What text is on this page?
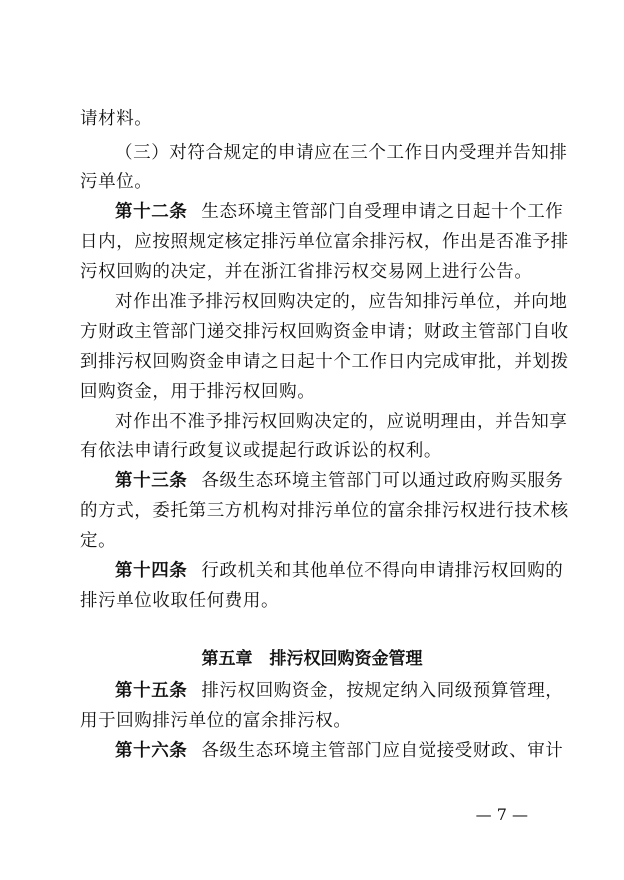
请材料。
（三）对符合规定的申请应在三个工作日内受理并告知排
污单位。
第十二条 生态环境主管部门自受理申请之日起十个工作
日内，应按照规定核定排污单位富余排污权，作出是否准予排
污权回购的决定，并在浙江省排污权交易网上进行公告。
对作出准予排污权回购决定的，应告知排污单位，并向地
方财政主管部门递交排污权回购资金申请；财政主管部门自收
到排污权回购资金申请之日起十个工作日内完成审批，并划拨
回购资金，用于排污权回购。
对作出不准予排污权回购决定的，应说明理由，并告知享
有依法申请行政复议或提起行政诉讼的权利。
第十三条 各级生态环境主管部门可以通过政府购买服务
的方式，委托第三方机构对排污单位的富余排污权进行技术核
定。
第十四条 行政机关和其他单位不得向申请排污权回购的
排污单位收取任何费用。
第五章　排污权回购资金管理
第十五条 排污权回购资金，按规定纳入同级预算管理，
用于回购排污单位的富余排污权。
第十六条 各级生态环境主管部门应自觉接受财政、审计
— 7 —
